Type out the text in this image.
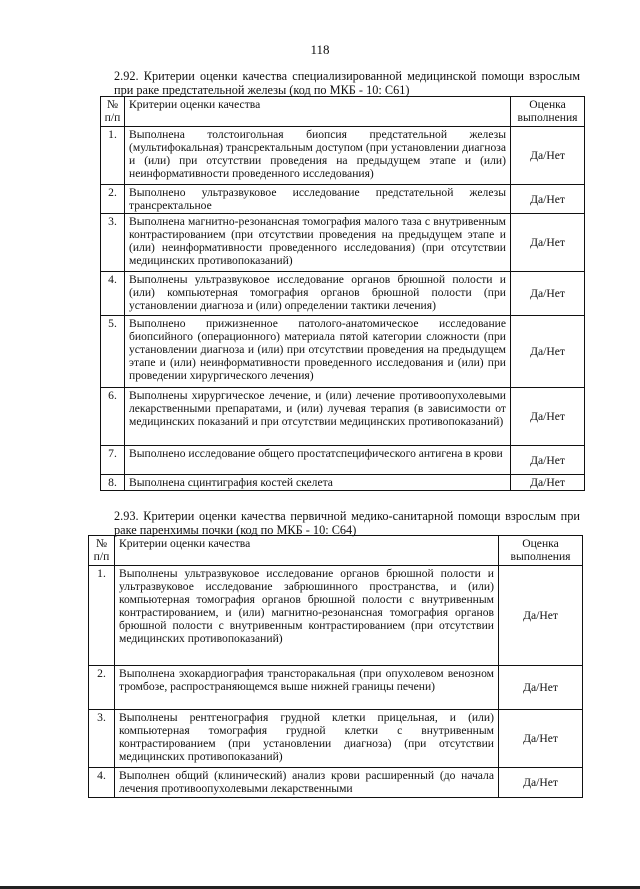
118
2.92. Критерии оценки качества специализированной медицинской помощи взрослым при раке предстательной железы (код по МКБ - 10: С61)
№ п/п	Критерии оценки качества	Оценка выполнения
1.	Выполнена толстоигольная биопсия предстательной железы (мультифокальная) трансректальным доступом (при установлении диагноза и (или) при отсутствии проведения на предыдущем этапе и (или) неинформативности проведенного исследования)	Да/Нет
2.	Выполнено ультразвуковое исследование предстательной железы трансректальное	Да/Нет
3.	Выполнена магнитно-резонансная томография малого таза с внутривенным контрастированием (при отсутствии проведения на предыдущем этапе и (или) неинформативности проведенного исследования) (при отсутствии медицинских противопоказаний)	Да/Нет
4.	Выполнены ультразвуковое исследование органов брюшной полости и (или) компьютерная томография органов брюшной полости (при установлении диагноза и (или) определении тактики лечения)	Да/Нет
5.	Выполнено прижизненное патолого-анатомическое исследование биопсийного (операционного) материала пятой категории сложности (при установлении диагноза и (или) при отсутствии проведения на предыдущем этапе и (или) неинформативности проведенного исследования и (или) при проведении хирургического лечения)	Да/Нет
6.	Выполнены хирургическое лечение, и (или) лечение противоопухолевыми лекарственными препаратами, и (или) лучевая терапия (в зависимости от медицинских показаний и при отсутствии медицинских противопоказаний)	Да/Нет
7.	Выполнено исследование общего простатспецифического антигена в крови	Да/Нет
8.	Выполнена сцинтиграфия костей скелета	Да/Нет
2.93. Критерии оценки качества первичной медико-санитарной помощи взрослым при раке паренхимы почки (код по МКБ - 10: С64)
№ п/п	Критерии оценки качества	Оценка выполнения
1.	Выполнены ультразвуковое исследование органов брюшной полости и ультразвуковое исследование забрюшинного пространства, и (или) компьютерная томография органов брюшной полости с внутривенным контрастированием, и (или) магнитно-резонансная томография органов брюшной полости с внутривенным контрастированием (при отсутствии медицинских противопоказаний)	Да/Нет
2.	Выполнена эхокардиография трансторакальная (при опухолевом венозном тромбозе, распространяющемся выше нижней границы печени)	Да/Нет
3.	Выполнены рентгенография грудной клетки прицельная, и (или) компьютерная томография грудной клетки с внутривенным контрастированием (при установлении диагноза) (при отсутствии медицинских противопоказаний)	Да/Нет
4.	Выполнен общий (клинический) анализ крови расширенный (до начала лечения противоопухолевыми лекарственными	Да/Нет
